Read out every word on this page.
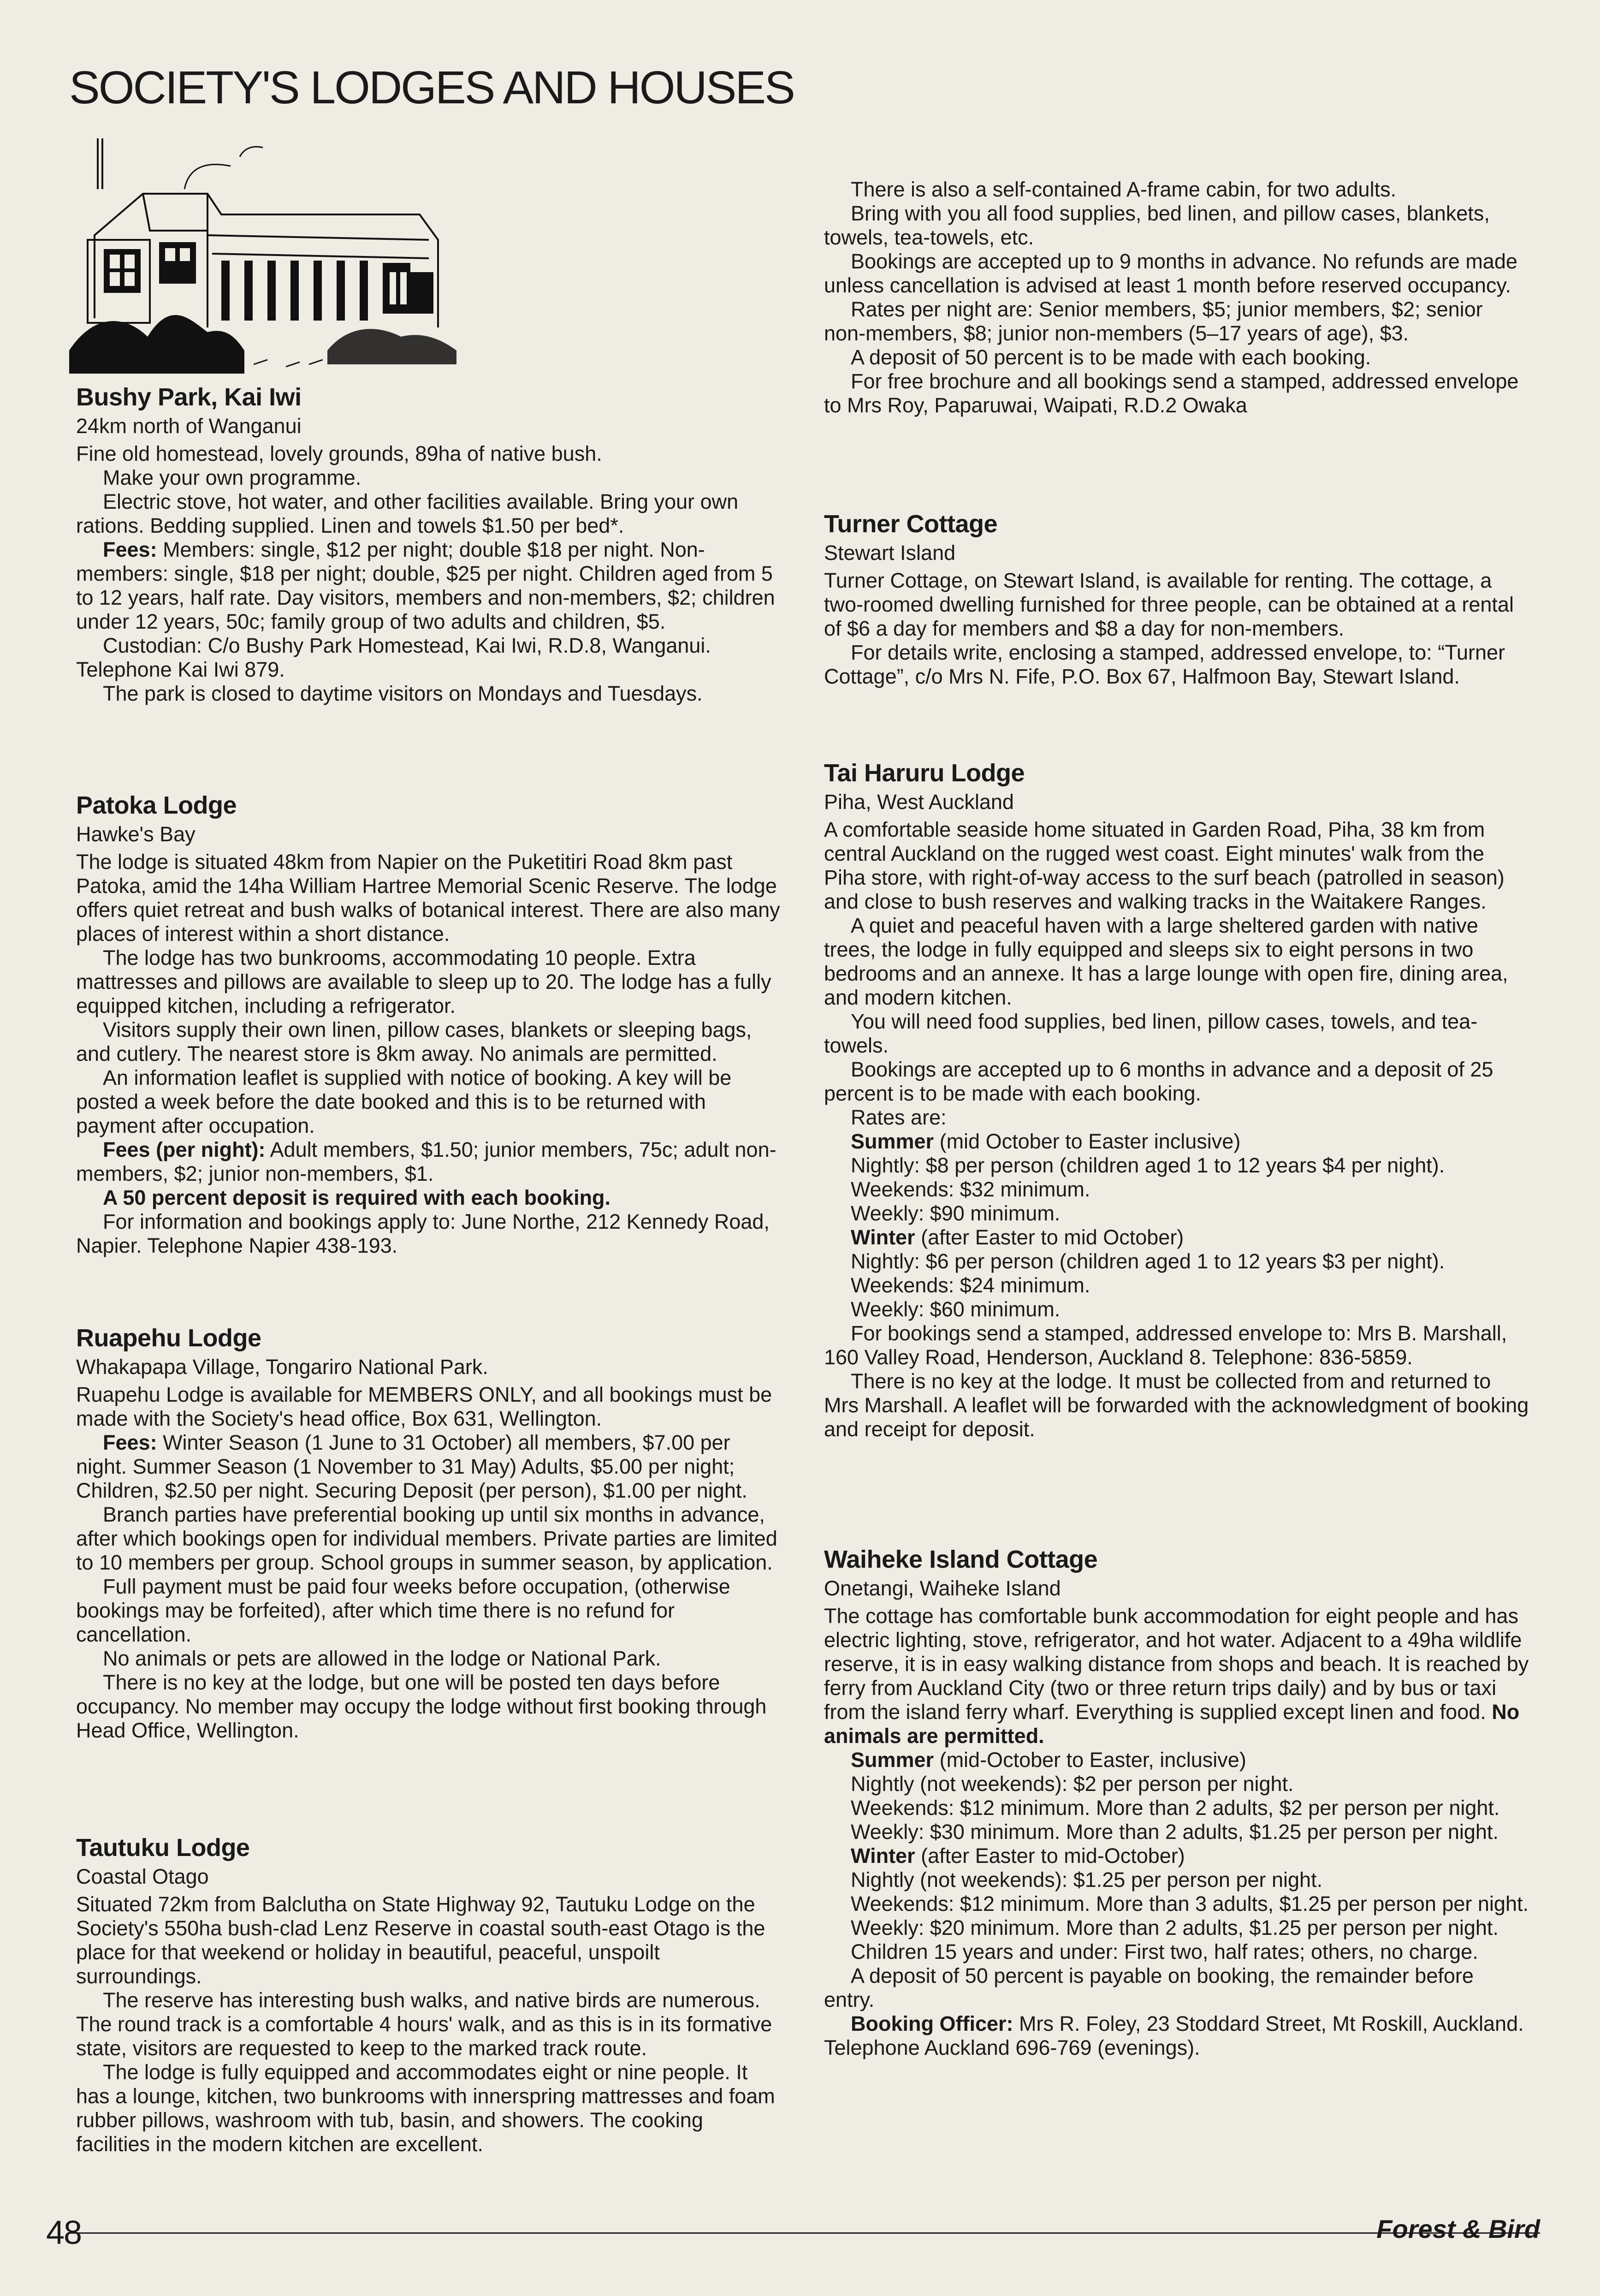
SOCIETY'S LODGES AND HOUSES
Bushy Park, Kai Iwi
24km north of Wanganui

Fine old homestead, lovely grounds, 89ha of native bush.

Make your own programme.

Electric stove, hot water, and other facilities available. Bring your own rations. Bedding supplied. Linen and towels $1.50 per bed*.

Fees: Members: single, $12 per night; double $18 per night. Non-members: single, $18 per night; double, $25 per night. Children aged from 5 to 12 years, half rate. Day visitors, members and non-members, $2; children under 12 years, 50c; family group of two adults and children, $5.

Custodian: C/o Bushy Park Homestead, Kai Iwi, R.D.8, Wanganui. Telephone Kai Iwi 879.

The park is closed to daytime visitors on Mondays and Tuesdays.

Patoka Lodge
Hawke's Bay

The lodge is situated 48km from Napier on the Puketitiri Road 8km past Patoka, amid the 14ha William Hartree Memorial Scenic Reserve. The lodge offers quiet retreat and bush walks of botanical interest. There are also many places of interest within a short distance.

The lodge has two bunkrooms, accommodating 10 people. Extra mattresses and pillows are available to sleep up to 20. The lodge has a fully equipped kitchen, including a refrigerator.

Visitors supply their own linen, pillow cases, blankets or sleeping bags, and cutlery. The nearest store is 8km away. No animals are permitted.

An information leaflet is supplied with notice of booking. A key will be posted a week before the date booked and this is to be returned with payment after occupation.

Fees (per night): Adult members, $1.50; junior members, 75c; adult non-members, $2; junior non-members, $1.

A 50 percent deposit is required with each booking.

For information and bookings apply to: June Northe, 212 Kennedy Road, Napier. Telephone Napier 438-193.

Ruapehu Lodge
Whakapapa Village, Tongariro National Park.

Ruapehu Lodge is available for MEMBERS ONLY, and all bookings must be made with the Society's head office, Box 631, Wellington.

Fees: Winter Season (1 June to 31 October) all members, $7.00 per night. Summer Season (1 November to 31 May) Adults, $5.00 per night; Children, $2.50 per night. Securing Deposit (per person), $1.00 per night.

Branch parties have preferential booking up until six months in advance, after which bookings open for individual members. Private parties are limited to 10 members per group. School groups in summer season, by application.

Full payment must be paid four weeks before occupation, (otherwise bookings may be forfeited), after which time there is no refund for cancellation.

No animals or pets are allowed in the lodge or National Park.

There is no key at the lodge, but one will be posted ten days before occupancy. No member may occupy the lodge without first booking through Head Office, Wellington.

Tautuku Lodge
Coastal Otago

Situated 72km from Balclutha on State Highway 92, Tautuku Lodge on the Society's 550ha bush-clad Lenz Reserve in coastal south-east Otago is the place for that weekend or holiday in beautiful, peaceful, unspoilt surroundings.

The reserve has interesting bush walks, and native birds are numerous. The round track is a comfortable 4 hours' walk, and as this is in its formative state, visitors are requested to keep to the marked track route.

The lodge is fully equipped and accommodates eight or nine people. It has a lounge, kitchen, two bunkrooms with innerspring mattresses and foam rubber pillows, washroom with tub, basin, and showers. The cooking facilities in the modern kitchen are excellent.

There is also a self-contained A-frame cabin, for two adults.

Bring with you all food supplies, bed linen, and pillow cases, blankets, towels, tea-towels, etc.

Bookings are accepted up to 9 months in advance. No refunds are made unless cancellation is advised at least 1 month before reserved occupancy.

Rates per night are: Senior members, $5; junior members, $2; senior non-members, $8; junior non-members (5–17 years of age), $3.

A deposit of 50 percent is to be made with each booking.

For free brochure and all bookings send a stamped, addressed envelope to Mrs Roy, Paparuwai, Waipati, R.D.2 Owaka

Turner Cottage
Stewart Island

Turner Cottage, on Stewart Island, is available for renting. The cottage, a two-roomed dwelling furnished for three people, can be obtained at a rental of $6 a day for members and $8 a day for non-members.

For details write, enclosing a stamped, addressed envelope, to: “Turner Cottage”, c/o Mrs N. Fife, P.O. Box 67, Halfmoon Bay, Stewart Island.

Tai Haruru Lodge
Piha, West Auckland

A comfortable seaside home situated in Garden Road, Piha, 38 km from central Auckland on the rugged west coast. Eight minutes' walk from the Piha store, with right-of-way access to the surf beach (patrolled in season) and close to bush reserves and walking tracks in the Waitakere Ranges.

A quiet and peaceful haven with a large sheltered garden with native trees, the lodge in fully equipped and sleeps six to eight persons in two bedrooms and an annexe. It has a large lounge with open fire, dining area, and modern kitchen.

You will need food supplies, bed linen, pillow cases, towels, and tea-towels.

Bookings are accepted up to 6 months in advance and a deposit of 25 percent is to be made with each booking.

Rates are:

Summer (mid October to Easter inclusive)

Nightly: $8 per person (children aged 1 to 12 years $4 per night).

Weekends: $32 minimum.

Weekly: $90 minimum.

Winter (after Easter to mid October)

Nightly: $6 per person (children aged 1 to 12 years $3 per night).

Weekends: $24 minimum.

Weekly: $60 minimum.

For bookings send a stamped, addressed envelope to: Mrs B. Marshall, 160 Valley Road, Henderson, Auckland 8. Telephone: 836-5859.

There is no key at the lodge. It must be collected from and returned to Mrs Marshall. A leaflet will be forwarded with the acknowledgment of booking and receipt for deposit.

Waiheke Island Cottage
Onetangi, Waiheke Island

The cottage has comfortable bunk accommodation for eight people and has electric lighting, stove, refrigerator, and hot water. Adjacent to a 49ha wildlife reserve, it is in easy walking distance from shops and beach. It is reached by ferry from Auckland City (two or three return trips daily) and by bus or taxi from the island ferry wharf. Everything is supplied except linen and food. No animals are permitted.

Summer (mid-October to Easter, inclusive)

Nightly (not weekends): $2 per person per night.

Weekends: $12 minimum. More than 2 adults, $2 per person per night.

Weekly: $30 minimum. More than 2 adults, $1.25 per person per night.

Winter (after Easter to mid-October)

Nightly (not weekends): $1.25 per person per night.

Weekends: $12 minimum. More than 3 adults, $1.25 per person per night.

Weekly: $20 minimum. More than 2 adults, $1.25 per person per night.

Children 15 years and under: First two, half rates; others, no charge.

A deposit of 50 percent is payable on booking, the remainder before entry.

Booking Officer: Mrs R. Foley, 23 Stoddard Street, Mt Roskill, Auckland. Telephone Auckland 696-769 (evenings).

48	Forest & Bird
